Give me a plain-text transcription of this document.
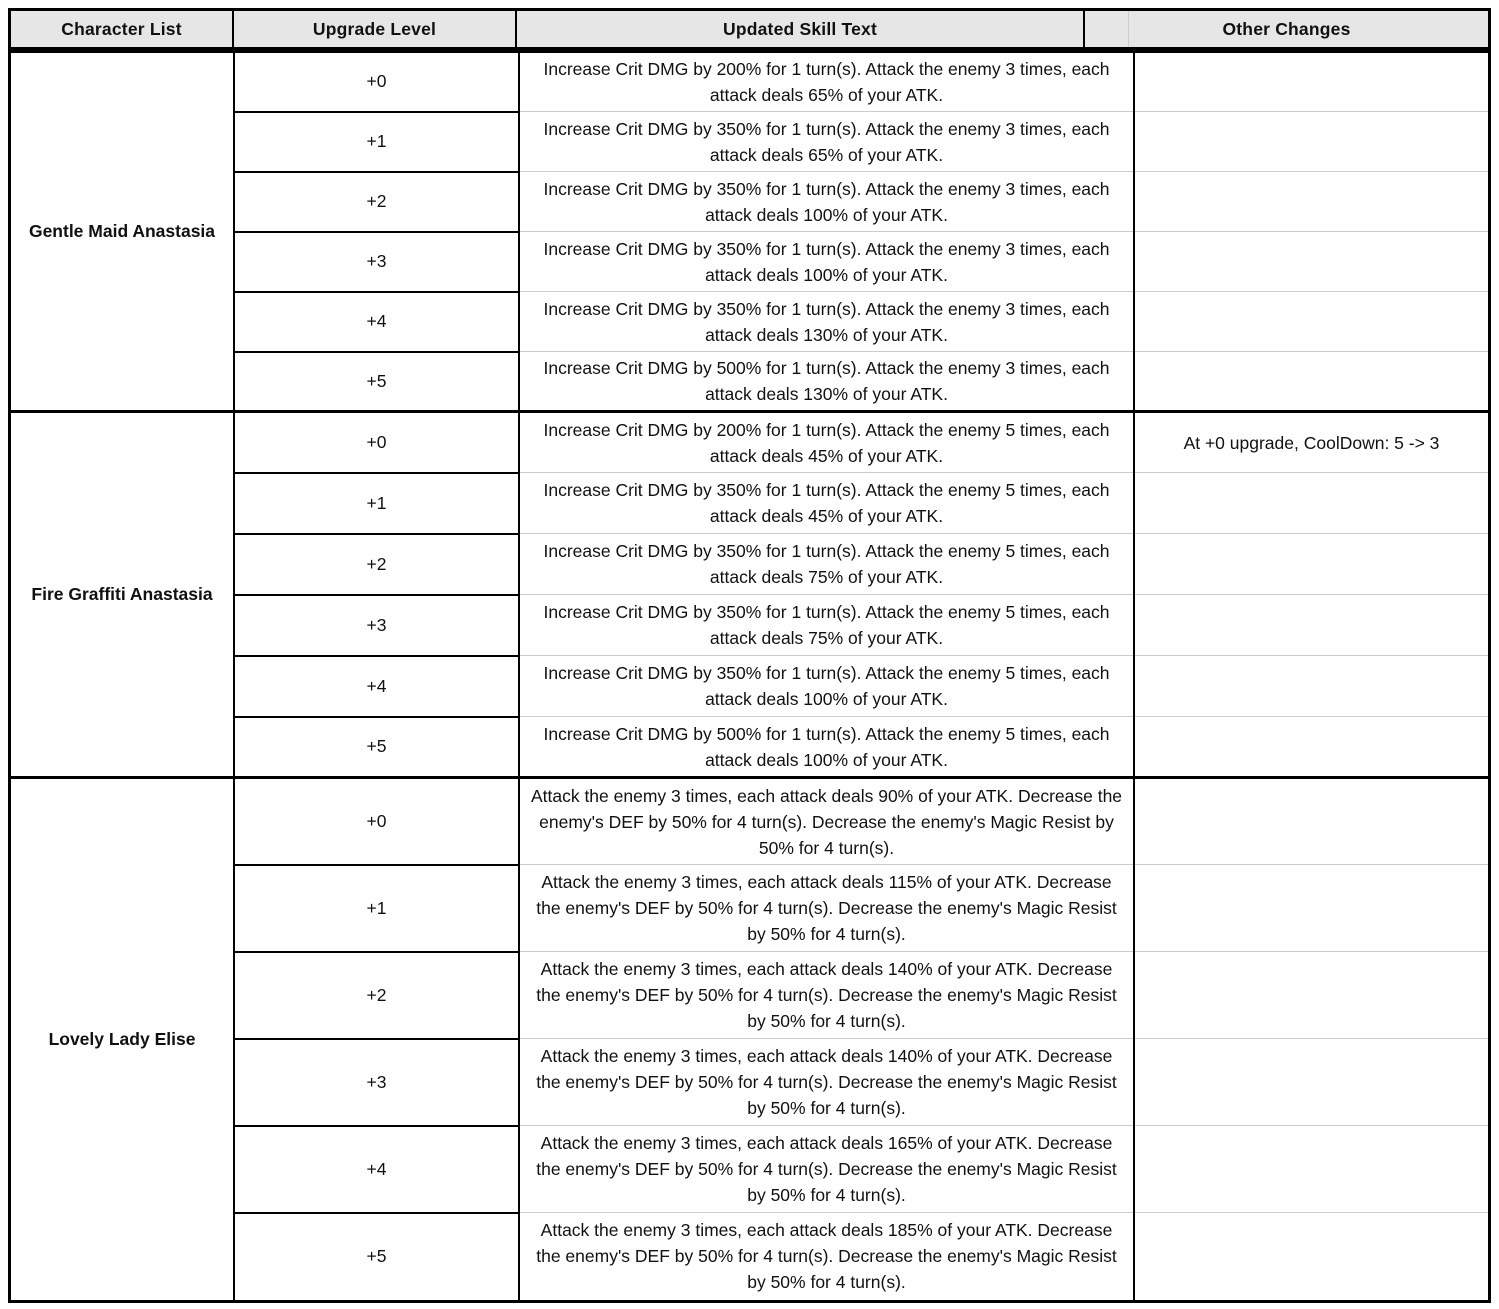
Character List	Upgrade Level	Updated Skill Text	Other Changes
Gentle Maid Anastasia	+0	Increase Crit DMG by 200% for 1 turn(s). Attack the enemy 3 times, each attack deals 65% of your ATK.	
	+1	Increase Crit DMG by 350% for 1 turn(s). Attack the enemy 3 times, each attack deals 65% of your ATK.	
	+2	Increase Crit DMG by 350% for 1 turn(s). Attack the enemy 3 times, each attack deals 100% of your ATK.	
	+3	Increase Crit DMG by 350% for 1 turn(s). Attack the enemy 3 times, each attack deals 100% of your ATK.	
	+4	Increase Crit DMG by 350% for 1 turn(s). Attack the enemy 3 times, each attack deals 130% of your ATK.	
	+5	Increase Crit DMG by 500% for 1 turn(s). Attack the enemy 3 times, each attack deals 130% of your ATK.	
Fire Graffiti Anastasia	+0	Increase Crit DMG by 200% for 1 turn(s). Attack the enemy 5 times, each attack deals 45% of your ATK.	At +0 upgrade, CoolDown: 5 -> 3
	+1	Increase Crit DMG by 350% for 1 turn(s). Attack the enemy 5 times, each attack deals 45% of your ATK.	
	+2	Increase Crit DMG by 350% for 1 turn(s). Attack the enemy 5 times, each attack deals 75% of your ATK.	
	+3	Increase Crit DMG by 350% for 1 turn(s). Attack the enemy 5 times, each attack deals 75% of your ATK.	
	+4	Increase Crit DMG by 350% for 1 turn(s). Attack the enemy 5 times, each attack deals 100% of your ATK.	
	+5	Increase Crit DMG by 500% for 1 turn(s). Attack the enemy 5 times, each attack deals 100% of your ATK.	
Lovely Lady Elise	+0	Attack the enemy 3 times, each attack deals 90% of your ATK. Decrease the enemy's DEF by 50% for 4 turn(s). Decrease the enemy's Magic Resist by 50% for 4 turn(s).	
	+1	Attack the enemy 3 times, each attack deals 115% of your ATK. Decrease the enemy's DEF by 50% for 4 turn(s). Decrease the enemy's Magic Resist by 50% for 4 turn(s).	
	+2	Attack the enemy 3 times, each attack deals 140% of your ATK. Decrease the enemy's DEF by 50% for 4 turn(s). Decrease the enemy's Magic Resist by 50% for 4 turn(s).	
	+3	Attack the enemy 3 times, each attack deals 140% of your ATK. Decrease the enemy's DEF by 50% for 4 turn(s). Decrease the enemy's Magic Resist by 50% for 4 turn(s).	
	+4	Attack the enemy 3 times, each attack deals 165% of your ATK. Decrease the enemy's DEF by 50% for 4 turn(s). Decrease the enemy's Magic Resist by 50% for 4 turn(s).	
	+5	Attack the enemy 3 times, each attack deals 185% of your ATK. Decrease the enemy's DEF by 50% for 4 turn(s). Decrease the enemy's Magic Resist by 50% for 4 turn(s).	
